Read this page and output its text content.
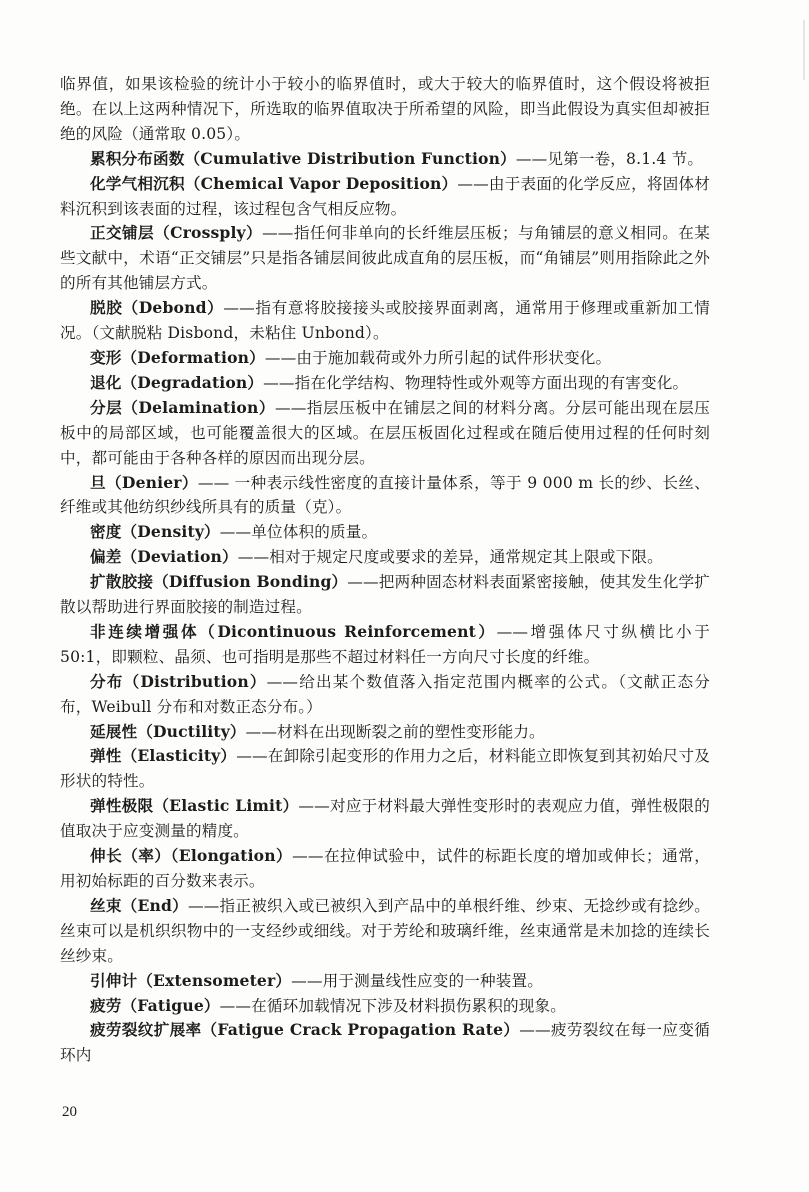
临界值，如果该检验的统计小于较小的临界值时，或大于较大的临界值时，这个假设将被拒绝。在以上这两种情况下，所选取的临界值取决于所希望的风险，即当此假设为真实但却被拒绝的风险（通常取 0.05）。

累积分布函数（Cumulative Distribution Function）——见第一卷，8.1.4 节。

化学气相沉积（Chemical Vapor Deposition）——由于表面的化学反应，将固体材料沉积到该表面的过程，该过程包含气相反应物。

正交铺层（Crossply）——指任何非单向的长纤维层压板；与角铺层的意义相同。在某些文献中，术语“正交铺层”只是指各铺层间彼此成直角的层压板，而“角铺层”则用指除此之外的所有其他铺层方式。

脱胶（Debond）——指有意将胶接接头或胶接界面剥离，通常用于修理或重新加工情况。（文献脱粘 Disbond，未粘住 Unbond）。

变形（Deformation）——由于施加载荷或外力所引起的试件形状变化。

退化（Degradation）——指在化学结构、物理特性或外观等方面出现的有害变化。

分层（Delamination）——指层压板中在铺层之间的材料分离。分层可能出现在层压板中的局部区域，也可能覆盖很大的区域。在层压板固化过程或在随后使用过程的任何时刻中，都可能由于各种各样的原因而出现分层。

旦（Denier）—— 一种表示线性密度的直接计量体系，等于 9 000 m 长的纱、长丝、纤维或其他纺织纱线所具有的质量（克）。

密度（Density）——单位体积的质量。

偏差（Deviation）——相对于规定尺度或要求的差异，通常规定其上限或下限。

扩散胶接（Diffusion Bonding）——把两种固态材料表面紧密接触，使其发生化学扩散以帮助进行界面胶接的制造过程。

非连续增强体（Dicontinuous Reinforcement）——增强体尺寸纵横比小于 50:1，即颗粒、晶须、也可指明是那些不超过材料任一方向尺寸长度的纤维。

分布（Distribution）——给出某个数值落入指定范围内概率的公式。（文献正态分布，Weibull 分布和对数正态分布。）

延展性（Ductility）——材料在出现断裂之前的塑性变形能力。

弹性（Elasticity）——在卸除引起变形的作用力之后，材料能立即恢复到其初始尺寸及形状的特性。

弹性极限（Elastic Limit）——对应于材料最大弹性变形时的表观应力值，弹性极限的值取决于应变测量的精度。

伸长（率）（Elongation）——在拉伸试验中，试件的标距长度的增加或伸长；通常，用初始标距的百分数来表示。

丝束（End）——指正被织入或已被织入到产品中的单根纤维、纱束、无捻纱或有捻纱。丝束可以是机织织物中的一支经纱或细线。对于芳纶和玻璃纤维，丝束通常是未加捻的连续长丝纱束。

引伸计（Extensometer）——用于测量线性应变的一种装置。

疲劳（Fatigue）——在循环加载情况下涉及材料损伤累积的现象。

疲劳裂纹扩展率（Fatigue Crack Propagation Rate）——疲劳裂纹在每一应变循环内

20
